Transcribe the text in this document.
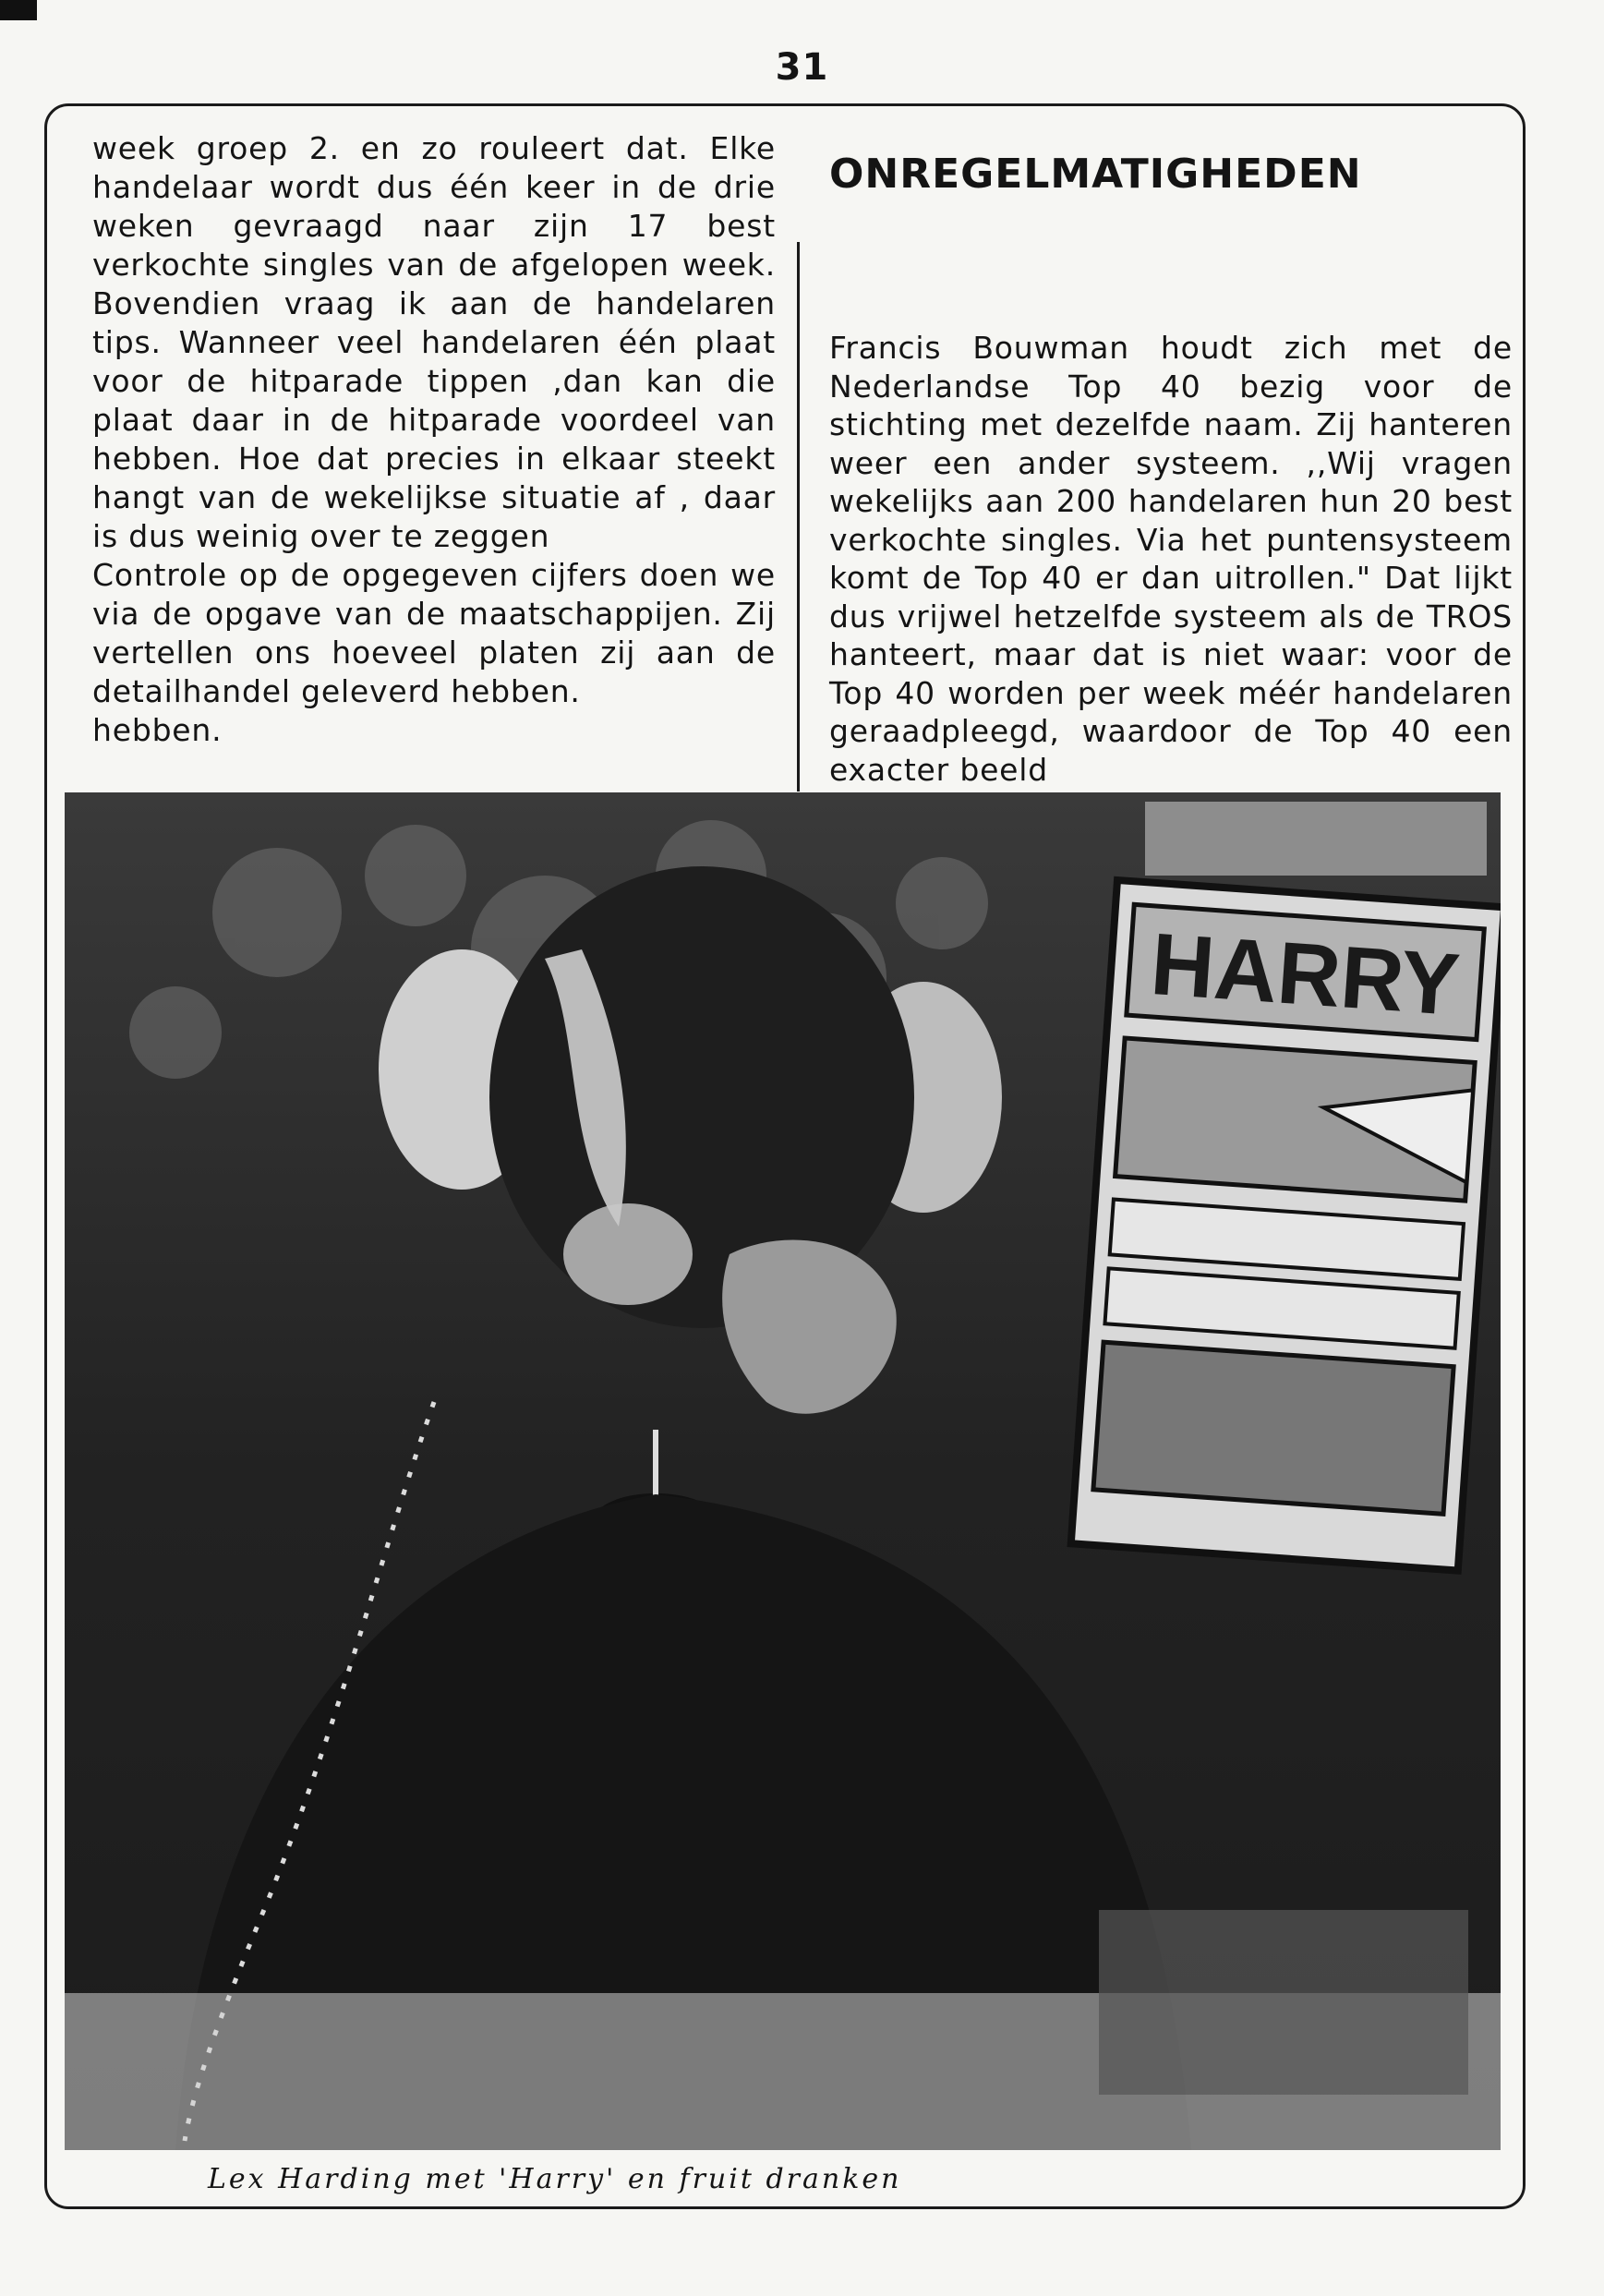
31

week groep 2. en zo rouleert dat. Elke handelaar wordt dus één keer in de drie weken gevraagd naar zijn 17 best verkochte singles van de afgelopen week. Bovendien vraag ik aan de handelaren tips. Wanneer veel handelaren één plaat voor de hitparade tippen ,dan kan die plaat daar in de hitparade voordeel van hebben. Hoe dat precies in elkaar steekt hangt van de wekelijkse situatie af , daar is dus weinig over te zeggen

Controle op de opgegeven cijfers doen we via de opgave van de maatschappijen. Zij vertellen ons hoeveel platen zij aan de detailhandel geleverd hebben.

hebben.

ONREGELMATIGHEDEN

Francis Bouwman houdt zich met de Nederlandse Top 40 bezig voor de stichting met dezelfde naam. Zij hanteren weer een ander systeem. ,,Wij vragen wekelijks aan 200 handelaren hun 20 best verkochte singles. Via het puntensysteem komt de Top 40 er dan uitrollen." Dat lijkt dus vrijwel hetzelfde systeem als de TROS hanteert, maar dat is niet waar: voor de Top 40 worden per week méér handelaren geraadpleegd, waardoor de Top 40 een exacter beeld

HARRY
Lex Harding met 'Harry' en fruit dranken
